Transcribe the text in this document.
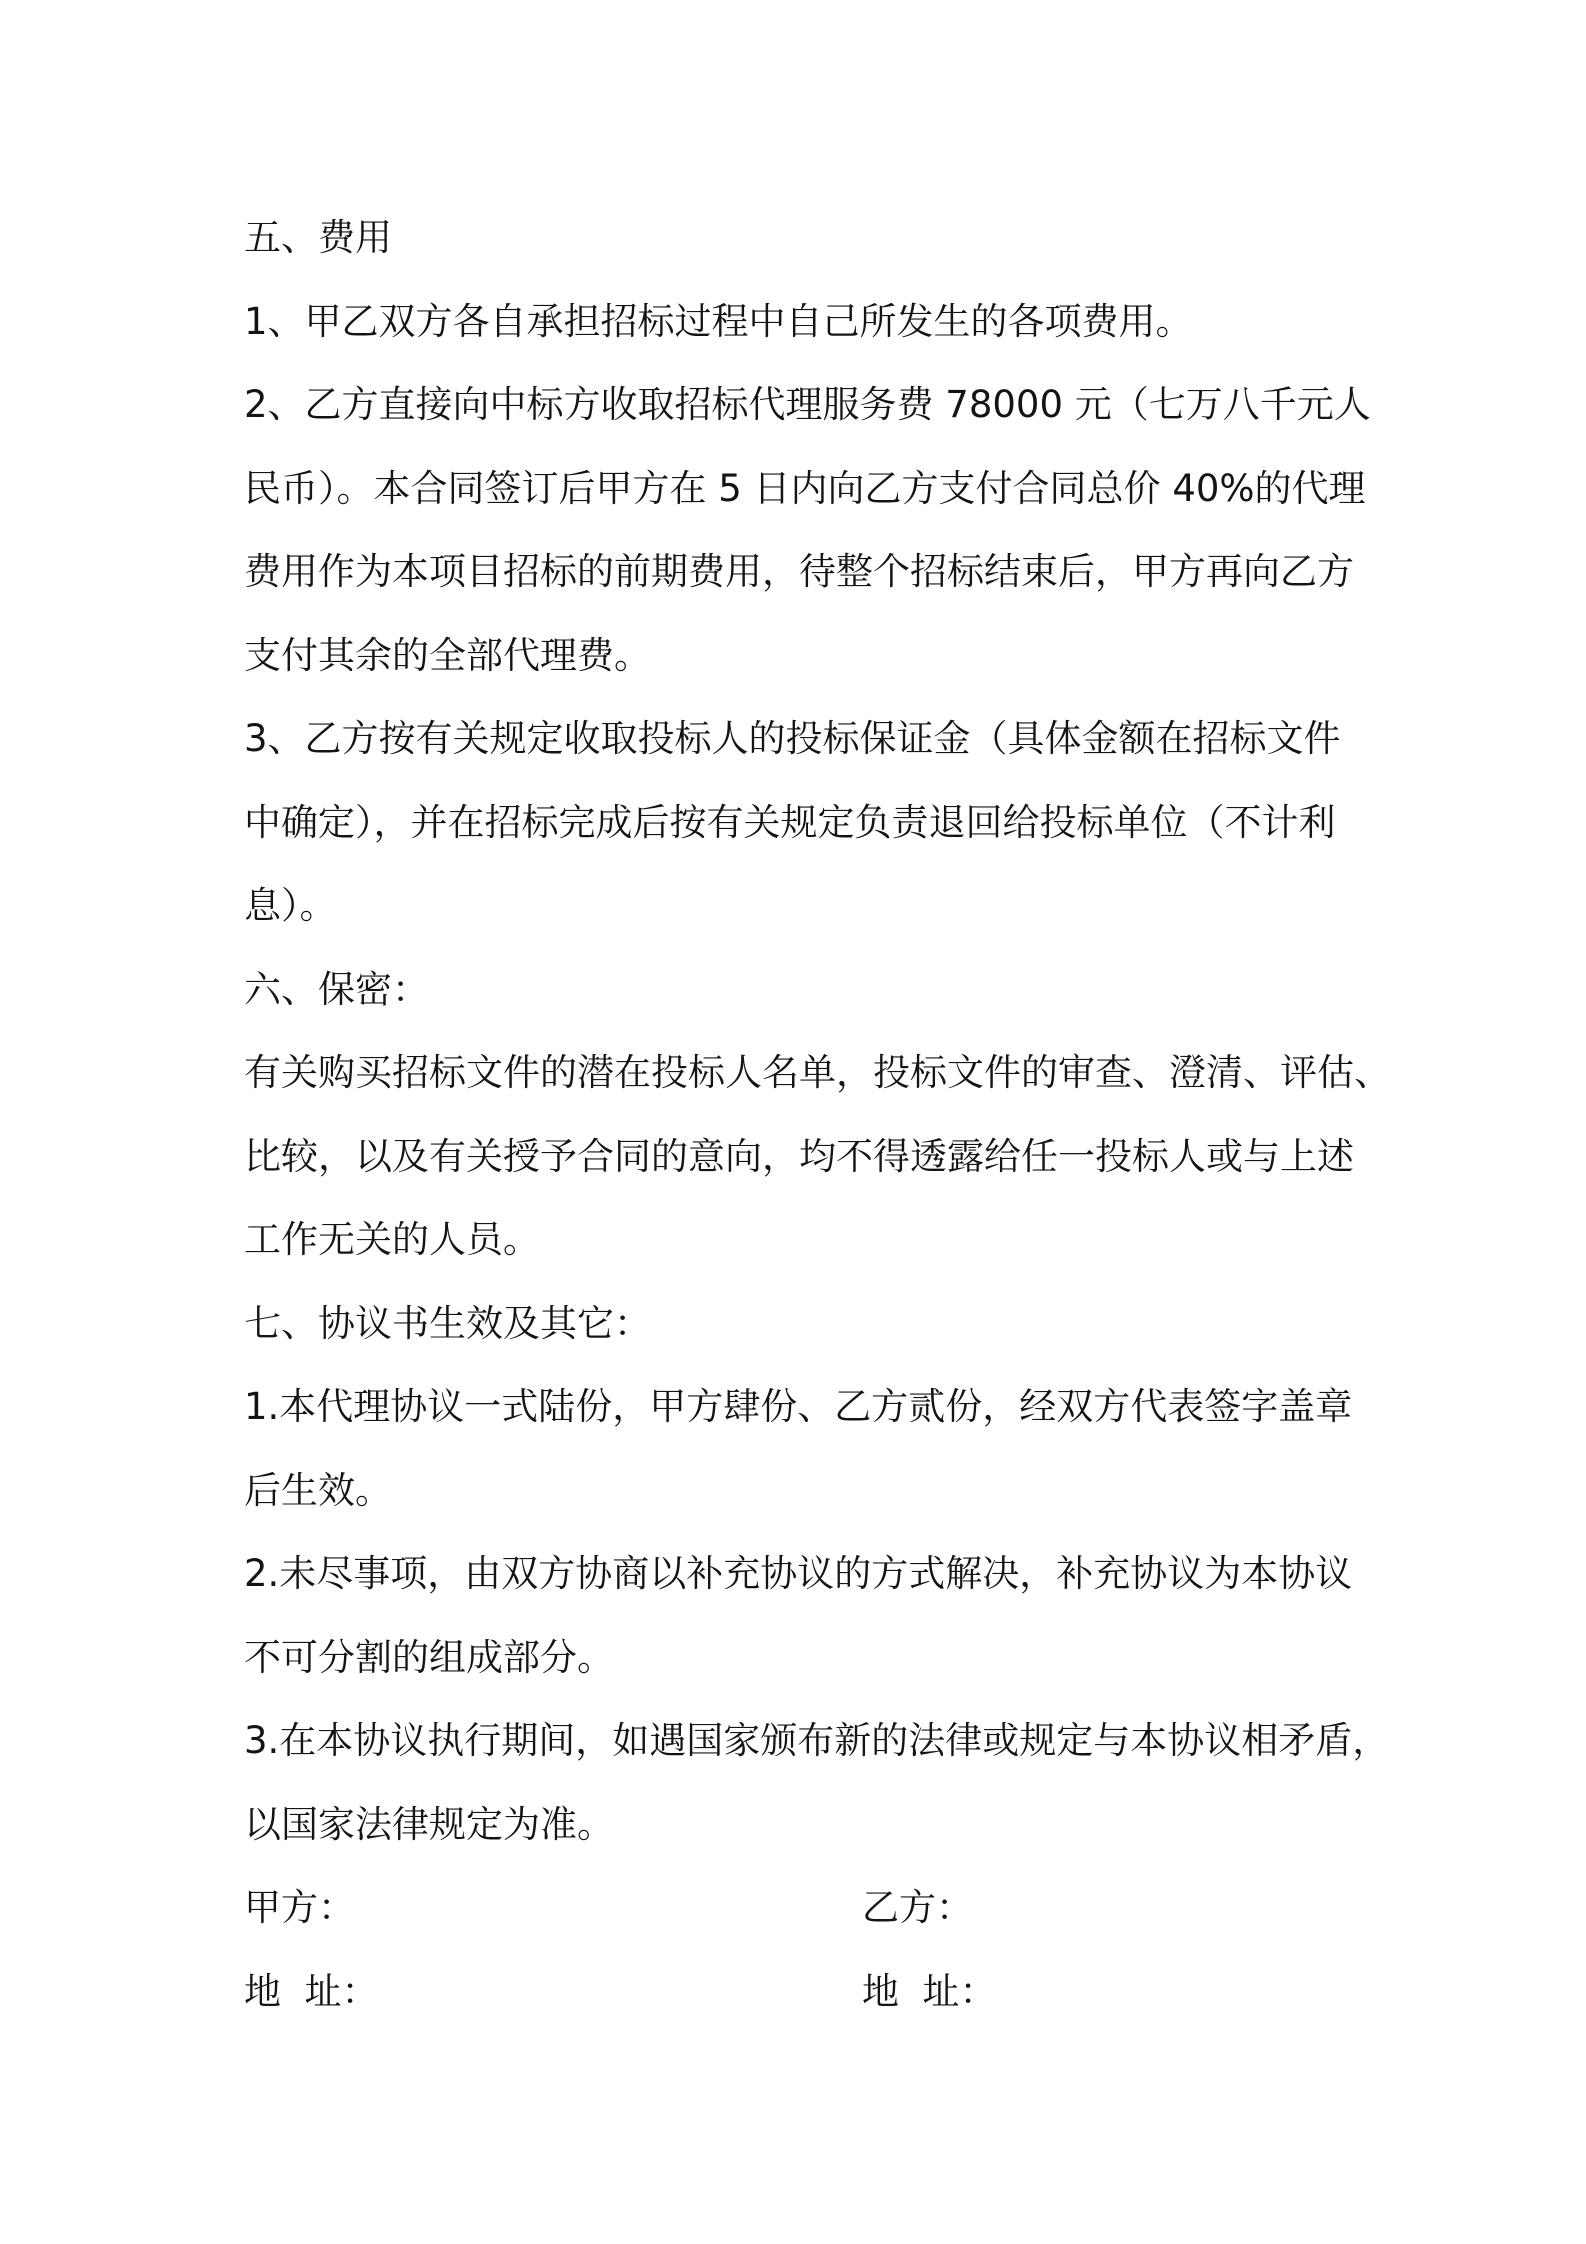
五、费用

1、甲乙双方各自承担招标过程中自己所发生的各项费用。

2、乙方直接向中标方收取招标代理服务费 78000 元（七万八千元人

民币）。本合同签订后甲方在 5 日内向乙方支付合同总价 40%的代理

费用作为本项目招标的前期费用，待整个招标结束后，甲方再向乙方

支付其余的全部代理费。

3、乙方按有关规定收取投标人的投标保证金（具体金额在招标文件

中确定），并在招标完成后按有关规定负责退回给投标单位（不计利

息）。

六、保密：

有关购买招标文件的潜在投标人名单，投标文件的审查、澄清、评估、

比较，以及有关授予合同的意向，均不得透露给任一投标人或与上述

工作无关的人员。

七、协议书生效及其它：

1.本代理协议一式陆份，甲方肆份、乙方贰份，经双方代表签字盖章

后生效。

2.未尽事项，由双方协商以补充协议的方式解决，补充协议为本协议

不可分割的组成部分。

3.在本协议执行期间，如遇国家颁布新的法律或规定与本协议相矛盾，

以国家法律规定为准。

甲方：	乙方：
地  址：	地  址：
